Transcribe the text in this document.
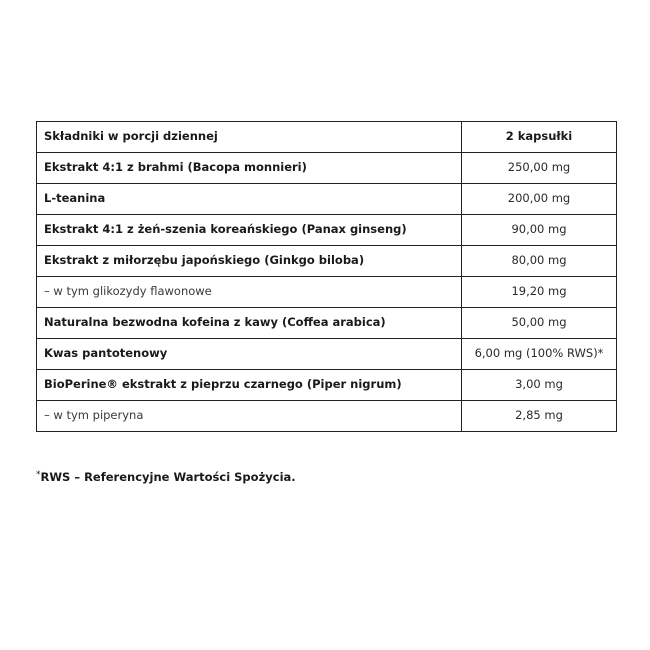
Składniki w porcji dziennej	2 kapsułki
Ekstrakt 4:1 z brahmi (Bacopa monnieri)	250,00 mg
L-teanina	200,00 mg
Ekstrakt 4:1 z żeń-szenia koreańskiego (Panax ginseng)	90,00 mg
Ekstrakt z miłorzębu japońskiego (Ginkgo biloba)	80,00 mg
– w tym glikozydy flawonowe	19,20 mg
Naturalna bezwodna kofeina z kawy (Coffea arabica)	50,00 mg
Kwas pantotenowy	6,00 mg (100% RWS)*
BioPerine® ekstrakt z pieprzu czarnego (Piper nigrum)	3,00 mg
– w tym piperyna	2,85 mg
*RWS – Referencyjne Wartości Spożycia.
